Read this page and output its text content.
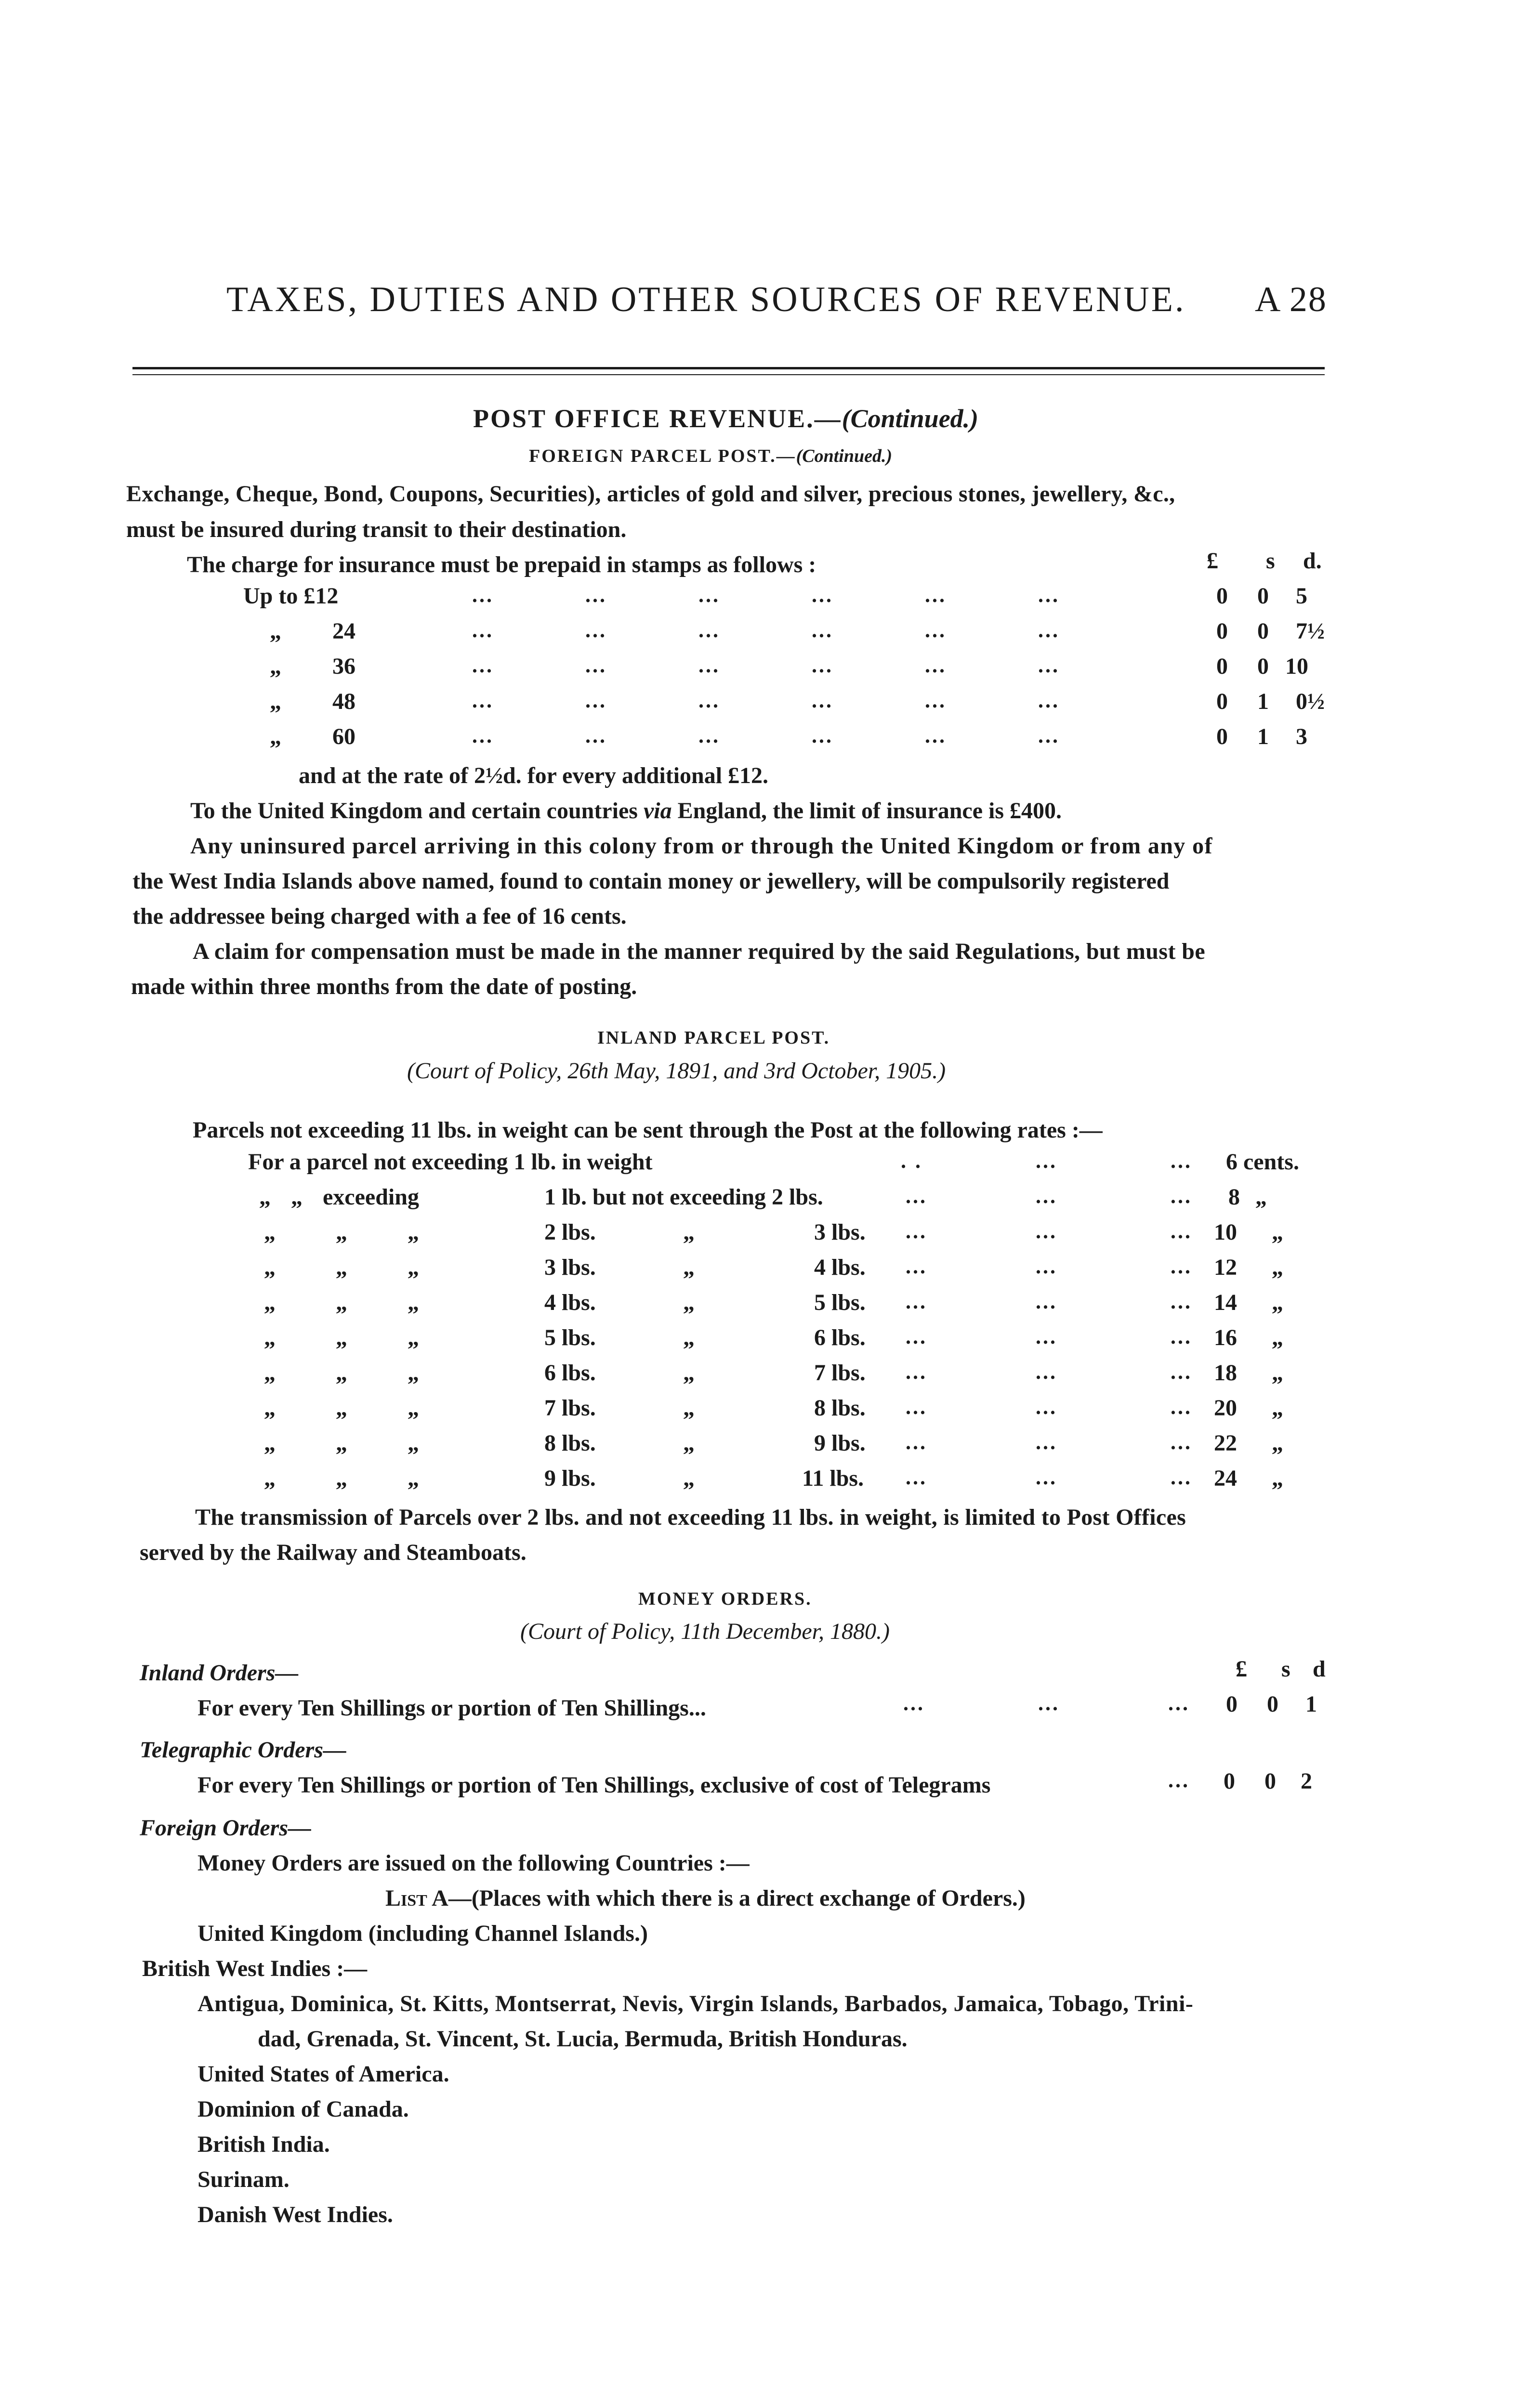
TAXES, DUTIES AND OTHER SOURCES OF REVENUE. A 28
POST OFFICE REVENUE.—(Continued.)
FOREIGN PARCEL POST.—(Continued.)
Exchange, Cheque, Bond, Coupons, Securities), articles of gold and silver, precious stones, jewellery, &c.,
must be insured during transit to their destination.
The charge for insurance must be prepaid in stamps as follows :	£ s d.
Up to £12	...	...	...	...	...	...	0 0 5
„ 24	...	...	...	...	...	...	0 0 7½
„ 36	...	...	...	...	...	...	0 0 10
„ 48	...	...	...	...	...	...	0 1 0½
„ 60	...	...	...	...	...	...	0 1 3
and at the rate of 2½d. for every additional £12.
To the United Kingdom and certain countries via England, the limit of insurance is £400.
Any uninsured parcel arriving in this colony from or through the United Kingdom or from any of
the West India Islands above named, found to contain money or jewellery, will be compulsorily registered
the addressee being charged with a fee of 16 cents.
A claim for compensation must be made in the manner required by the said Regulations, but must be
made within three months from the date of posting.
INLAND PARCEL POST.
(Court of Policy, 26th May, 1891, and 3rd October, 1905.)
Parcels not exceeding 11 lbs. in weight can be sent through the Post at the following rates :—
For a parcel not exceeding 1 lb. in weight	. .	...	... 6 cents.
„ „ exceeding	1 lb. but not exceeding 2 lbs.	...	...	... 8 „
„	„	„	2 lbs.	„	3 lbs. ...	...	... 10 „
„	„	„	3 lbs.	„	4 lbs. ...	...	... 12 „
„	„	„	4 lbs.	„	5 lbs. ...	...	... 14 „
„	„	„	5 lbs.	„	6 lbs. ...	...	... 16 „
„	„	„	6 lbs.	„	7 lbs. ...	...	... 18 „
„	„	„	7 lbs.	„	8 lbs. ...	...	... 20 „
„	„	„	8 lbs.	„	9 lbs. ...	...	... 22 „
„	„	„	9 lbs.	„	11 lbs. ...	...	... 24 „
The transmission of Parcels over 2 lbs. and not exceeding 11 lbs. in weight, is limited to Post Offices
served by the Railway and Steamboats.
MONEY ORDERS.
(Court of Policy, 11th December, 1880.)
Inland Orders—	£ s d
For every Ten Shillings or portion of Ten Shillings...	...	...	... 0 0 1
Telegraphic Orders—
For every Ten Shillings or portion of Ten Shillings, exclusive of cost of Telegrams	... 0 0 2
Foreign Orders—
Money Orders are issued on the following Countries :—
List A—(Places with which there is a direct exchange of Orders.)
United Kingdom (including Channel Islands.)
British West Indies :—
Antigua, Dominica, St. Kitts, Montserrat, Nevis, Virgin Islands, Barbados, Jamaica, Tobago, Trini-
dad, Grenada, St. Vincent, St. Lucia, Bermuda, British Honduras.
United States of America.
Dominion of Canada.
British India.
Surinam.
Danish West Indies.
